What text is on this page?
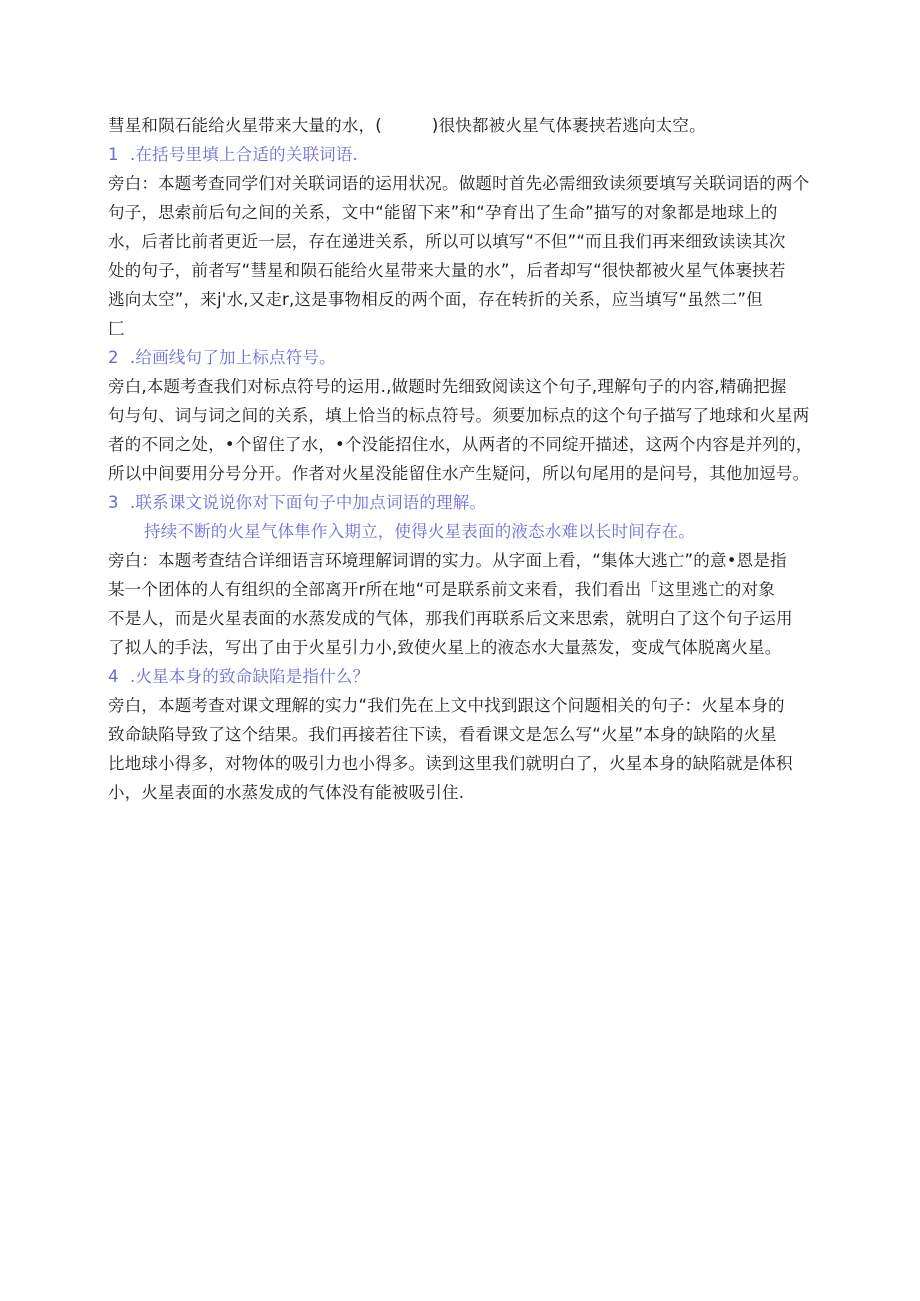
彗星和陨石能给火星带来大量的水，(　　　)很快都被火星气体裹挟若逃向太空。
1 .在括号里填上合适的关联词语.
旁白：本题考查同学们对关联词语的运用状况。做题时首先必需细致读须要填写关联词语的两个
句子，思索前后句之间的关系，文中“能留下来”和“孕育出了生命”描写的对象都是地球上的
水，后者比前者更近一层，存在递进关系，所以可以填写“不但”“而且我们再来细致读读其次
处的句子，前者写“彗星和陨石能给火星带来大量的水”，后者却写“很快都被火星气体裹挟若
逃向太空”，来j'水,又走r,这是事物相反的两个面，存在转折的关系，应当填写“虽然二”但
匚
2 .给画线句了加上标点符号。
旁白,本题考查我们对标点符号的运用.,做题时先细致阅读这个句子,理解句子的内容,精确把握
句与句、词与词之间的关系，填上恰当的标点符号。须要加标点的这个句子描写了地球和火星两
者的不同之处，•个留住了水，•个没能招住水，从两者的不同绽开描述，这两个内容是并列的，
所以中间要用分号分开。作者对火星没能留住水产生疑问，所以句尾用的是问号，其他加逗号。
3 .联系课文说说你对下面句子中加点词语的理解。
持续不断的火星气体隼作入期立，使得火星表面的液态水难以长时间存在。
旁白：本题考查结合详细语言环境理解词谓的实力。从字面上看，“集体大逃亡”的意•恩是指
某一个团体的人有组织的全部离开r所在地“可是联系前文来看，我们看出「这里逃亡的对象
不是人，而是火星表面的水蒸发成的气体，那我们再联系后文来思索，就明白了这个句子运用
了拟人的手法，写出了由于火星引力小,致使火星上的液态水大量蒸发，变成气体脱离火星。
4 .火星本身的致命缺陷是指什么？
旁白，本题考查对课文理解的实力“我们先在上文中找到跟这个问题相关的句子：火星本身的
致命缺陷导致了这个结果。我们再接若往下读，看看课文是怎么写“火星”本身的缺陷的火星
比地球小得多，对物体的吸引力也小得多。读到这里我们就明白了，火星本身的缺陷就是体积
小，火星表面的水蒸发成的气体没有能被吸引住.
